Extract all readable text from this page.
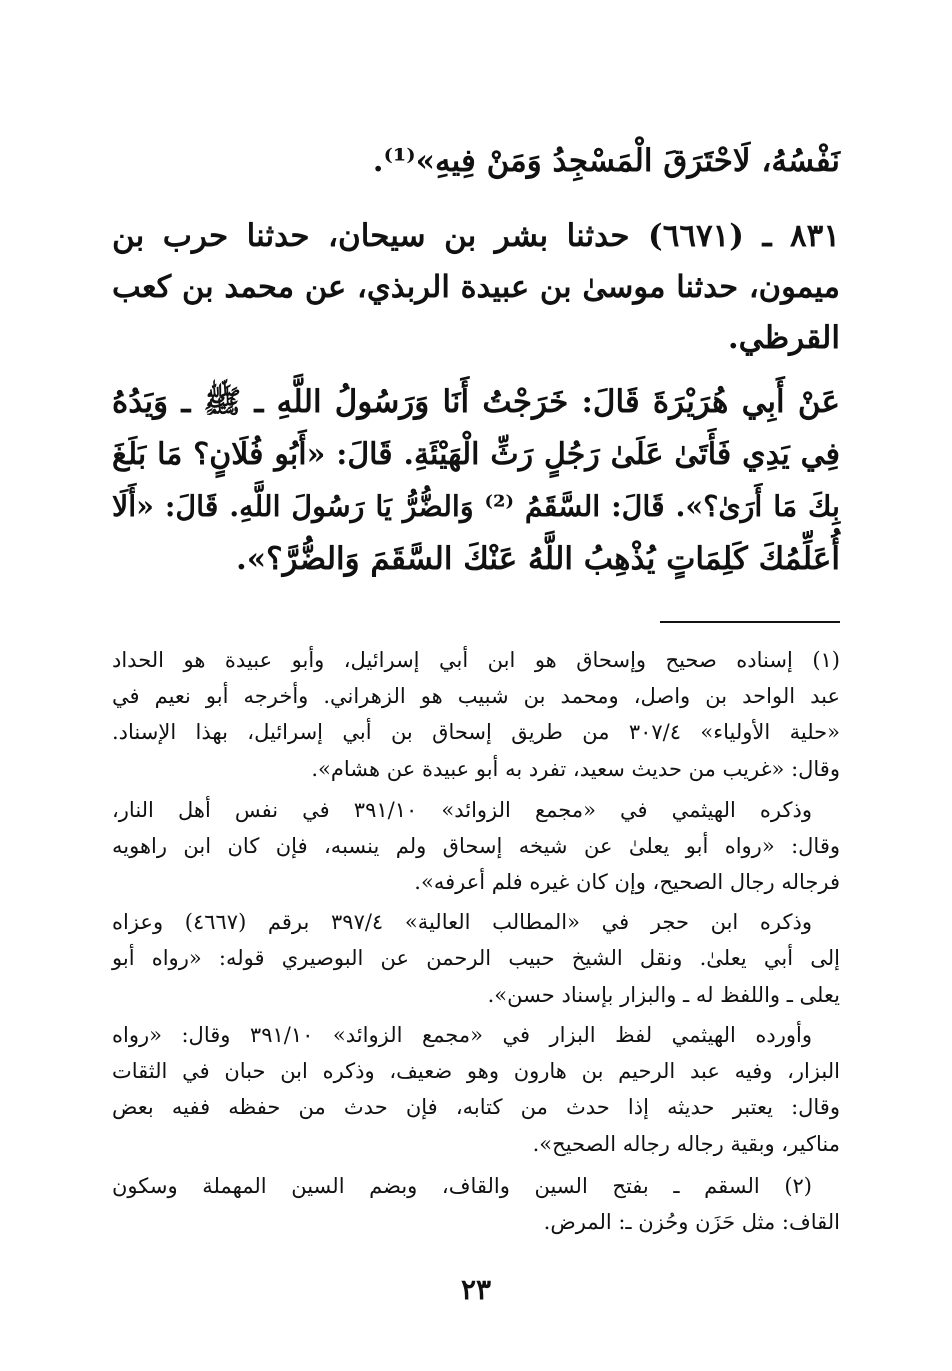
نَفْسُهُ، لَاحْتَرَقَ الْمَسْجِدُ وَمَنْ فِيهِ»⁽¹⁾.
٨٣١ ـ (٦٦٧١) حدثنا بشر بن سيحان، حدثنا حرب بن
ميمون، حدثنا موسىٰ بن عبيدة الربذي، عن محمد بن كعب
القرظي.
عَنْ أَبِي هُرَيْرَةَ قَالَ: خَرَجْتُ أَنَا وَرَسُولُ اللَّهِ ـ ﷺ ـ وَيَدُهُ
فِي يَدِي فَأَتَىٰ عَلَىٰ رَجُلٍ رَثِّ الْهَيْئَةِ. قَالَ: «أَبُو فُلَانٍ؟ مَا بَلَغَ
بِكَ مَا أَرَىٰ؟». قَالَ: السَّقَمُ ⁽²⁾ وَالضُّرُّ يَا رَسُولَ اللَّهِ. قَالَ: «أَلَا
أُعَلِّمُكَ كَلِمَاتٍ يُذْهِبُ اللَّهُ عَنْكَ السَّقَمَ وَالضُّرَّ؟».
(١) إسناده صحيح وإسحاق هو ابن أبي إسرائيل، وأبو عبيدة هو الحداد
عبد الواحد بن واصل، ومحمد بن شبيب هو الزهراني. وأخرجه أبو نعيم في
«حلية الأولياء» ٣٠٧/٤ من طريق إسحاق بن أبي إسرائيل، بهذا الإسناد.
وقال: «غريب من حديث سعيد، تفرد به أبو عبيدة عن هشام».
وذكره الهيثمي في «مجمع الزوائد» ٣٩١/١٠ في نفس أهل النار،
وقال: «رواه أبو يعلىٰ عن شيخه إسحاق ولم ينسبه، فإن كان ابن راهويه
فرجاله رجال الصحيح، وإن كان غيره فلم أعرفه».
وذكره ابن حجر في «المطالب العالية» ٣٩٧/٤ برقم (٤٦٦٧) وعزاه
إلى أبي يعلىٰ. ونقل الشيخ حبيب الرحمن عن البوصيري قوله: «رواه أبو
يعلى ـ واللفظ له ـ والبزار بإسناد حسن».
وأورده الهيثمي لفظ البزار في «مجمع الزوائد» ٣٩١/١٠ وقال: «رواه
البزار، وفيه عبد الرحيم بن هارون وهو ضعيف، وذكره ابن حبان في الثقات
وقال: يعتبر حديثه إذا حدث من كتابه، فإن حدث من حفظه ففيه بعض
مناكير، وبقية رجاله رجاله الصحيح».
(٢) السقم ـ بفتح السين والقاف، وبضم السين المهملة وسكون
القاف: مثل حَزَن وحُزن ـ: المرض.
٢٣
